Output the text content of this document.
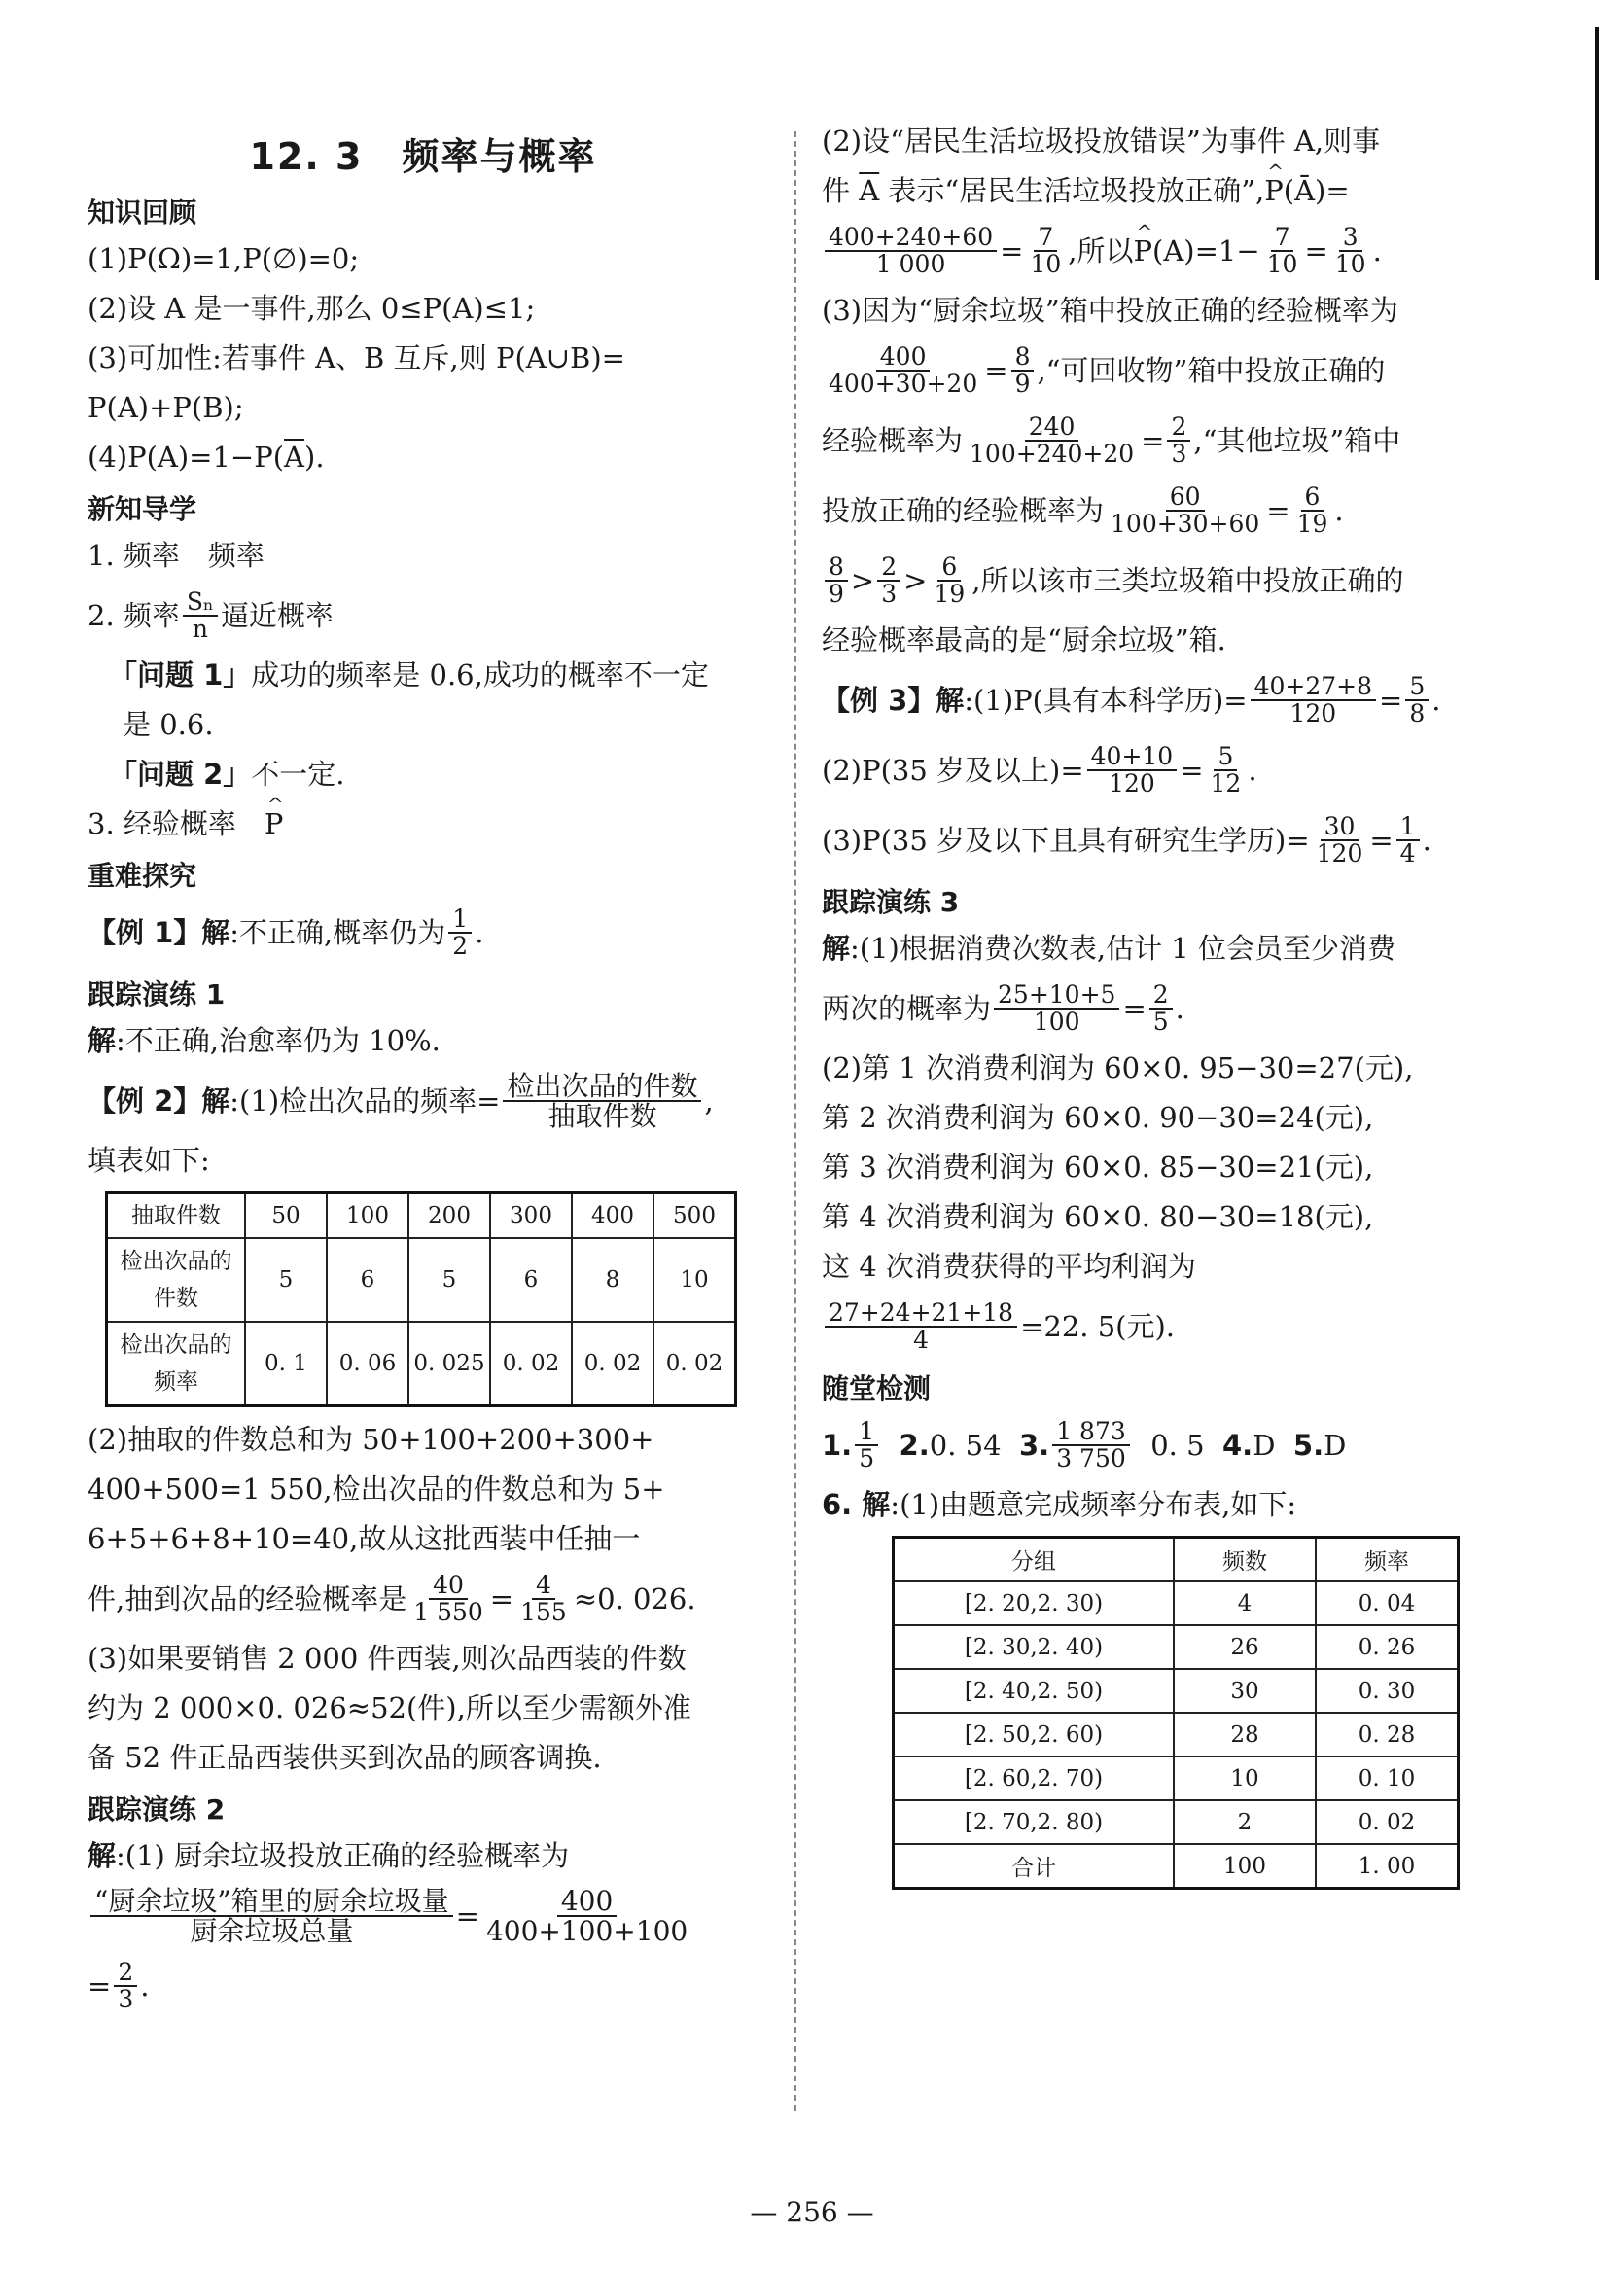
12. 3 频率与概率
知识回顾
(1)P(Ω)=1,P(∅)=0;
(2)设 A 是一事件,那么 0≤P(A)≤1;
(3)可加性:若事件 A、B 互斥,则 P(A∪B)=
P(A)+P(B);
$(4)P(A)=1-P(\overline{A})$.
新知导学
1. 频率　频率
2. 频率 $\frac{\text{Sₙ}}{n}$ 逼近概率
「问题 1」成功的频率是 0.6,成功的概率不一定
是 0.6.
「问题 2」不一定.
3. 经验概率　 ^ P
重难探究
【例 1】解 :不正确,概率仍为 $\frac{1}{2}$ .
跟踪演练 1
解:不正确,治愈率仍为 10%.
【例 2】解 :(1)检出次品的频率= $\frac{\text{检出次品的件数}}{\text{抽取件数}}$ ,
填表如下:
抽取件数	50	100	200	300	400	500
检出次品的件数	5	6	5	6	8	10
检出次品的频率	0. 1	0. 06	0. 025	0. 02	0. 02	0. 02
(2)抽取的件数总和为 50+100+200+300+
400+500=1 550,检出次品的件数总和为 5+
6+5+6+8+10=40,故从这批西装中任抽一
件,抽到次品的经验概率是 $\frac{40}{1 550} = \frac{4}{155} \approx 0$. 026.
(3)如果要销售 2 000 件西装,则次品西装的件数
约为 2 000×0. 026≈52(件),所以至少需额外准
备 52 件正品西装供买到次品的顾客调换.
跟踪演练 2
解:(1) 厨余垃圾投放正确的经验概率为
$\frac{\text{“厨余垃圾”箱里的厨余垃圾量}}{\text{厨余垃圾总量}} = \frac{400}{400+100+100}$
= $\frac{2}{3}$ .
(2)设“居民生活垃圾投放错误”为事件 A,则事
件 $\overline{A}$ 表示“居民生活垃圾投放正确”,^ P(Ā)=
$\frac{400+240+60}{1 000} = \frac{7}{10}$ ,所以 ^ P $(A)=1- \frac{7}{10} = \frac{3}{10}$ .
(3)因为“厨余垃圾”箱中投放正确的经验概率为
$\frac{400}{400+30+20} = \frac{8}{9}$ ,“可回收物”箱中投放正确的
经验概率为 $\frac{240}{100+240+20} = \frac{2}{3}$ ,“其他垃圾”箱中
投放正确的经验概率为 $\frac{60}{100+30+60} = \frac{6}{19}$ .
$\frac{8}{9} > \frac{2}{3} > \frac{6}{19}$ ,所以该市三类垃圾箱中投放正确的
经验概率最高的是“厨余垃圾”箱.
【例 3】解 :(1)P(具有本科学历)= $\frac{40+27+8}{120} = \frac{5}{8}$ .
(2)P(35 岁及以上)= $\frac{40+10}{120} = \frac{5}{12}$ .
(3)P(35 岁及以下且具有研究生学历)= $\frac{30}{120} = \frac{1}{4}$ .
跟踪演练 3
解:(1)根据消费次数表,估计 1 位会员至少消费
两次的概率为 $\frac{25+10+5}{100} = \frac{2}{5}$ .
(2)第 1 次消费利润为 60×0. 95−30=27(元),
第 2 次消费利润为 60×0. 90−30=24(元),
第 3 次消费利润为 60×0. 85−30=21(元),
第 4 次消费利润为 60×0. 80−30=18(元),
这 4 次消费获得的平均利润为
$\frac{27+24+21+18}{4} =22$. 5(元).
随堂检测
1. $\frac{1}{5}$
2. 0. 54
3. $\frac{1 873}{3 750}$
0. 5
4. D
5. D
6. 解:(1)由题意完成频率分布表,如下:
分组	频数	频率
[2. 20,2. 30)	4	0. 04
[2. 30,2. 40)	26	0. 26
[2. 40,2. 50)	30	0. 30
[2. 50,2. 60)	28	0. 28
[2. 60,2. 70)	10	0. 10
[2. 70,2. 80)	2	0. 02
合计	100	1. 00
— 256 —
